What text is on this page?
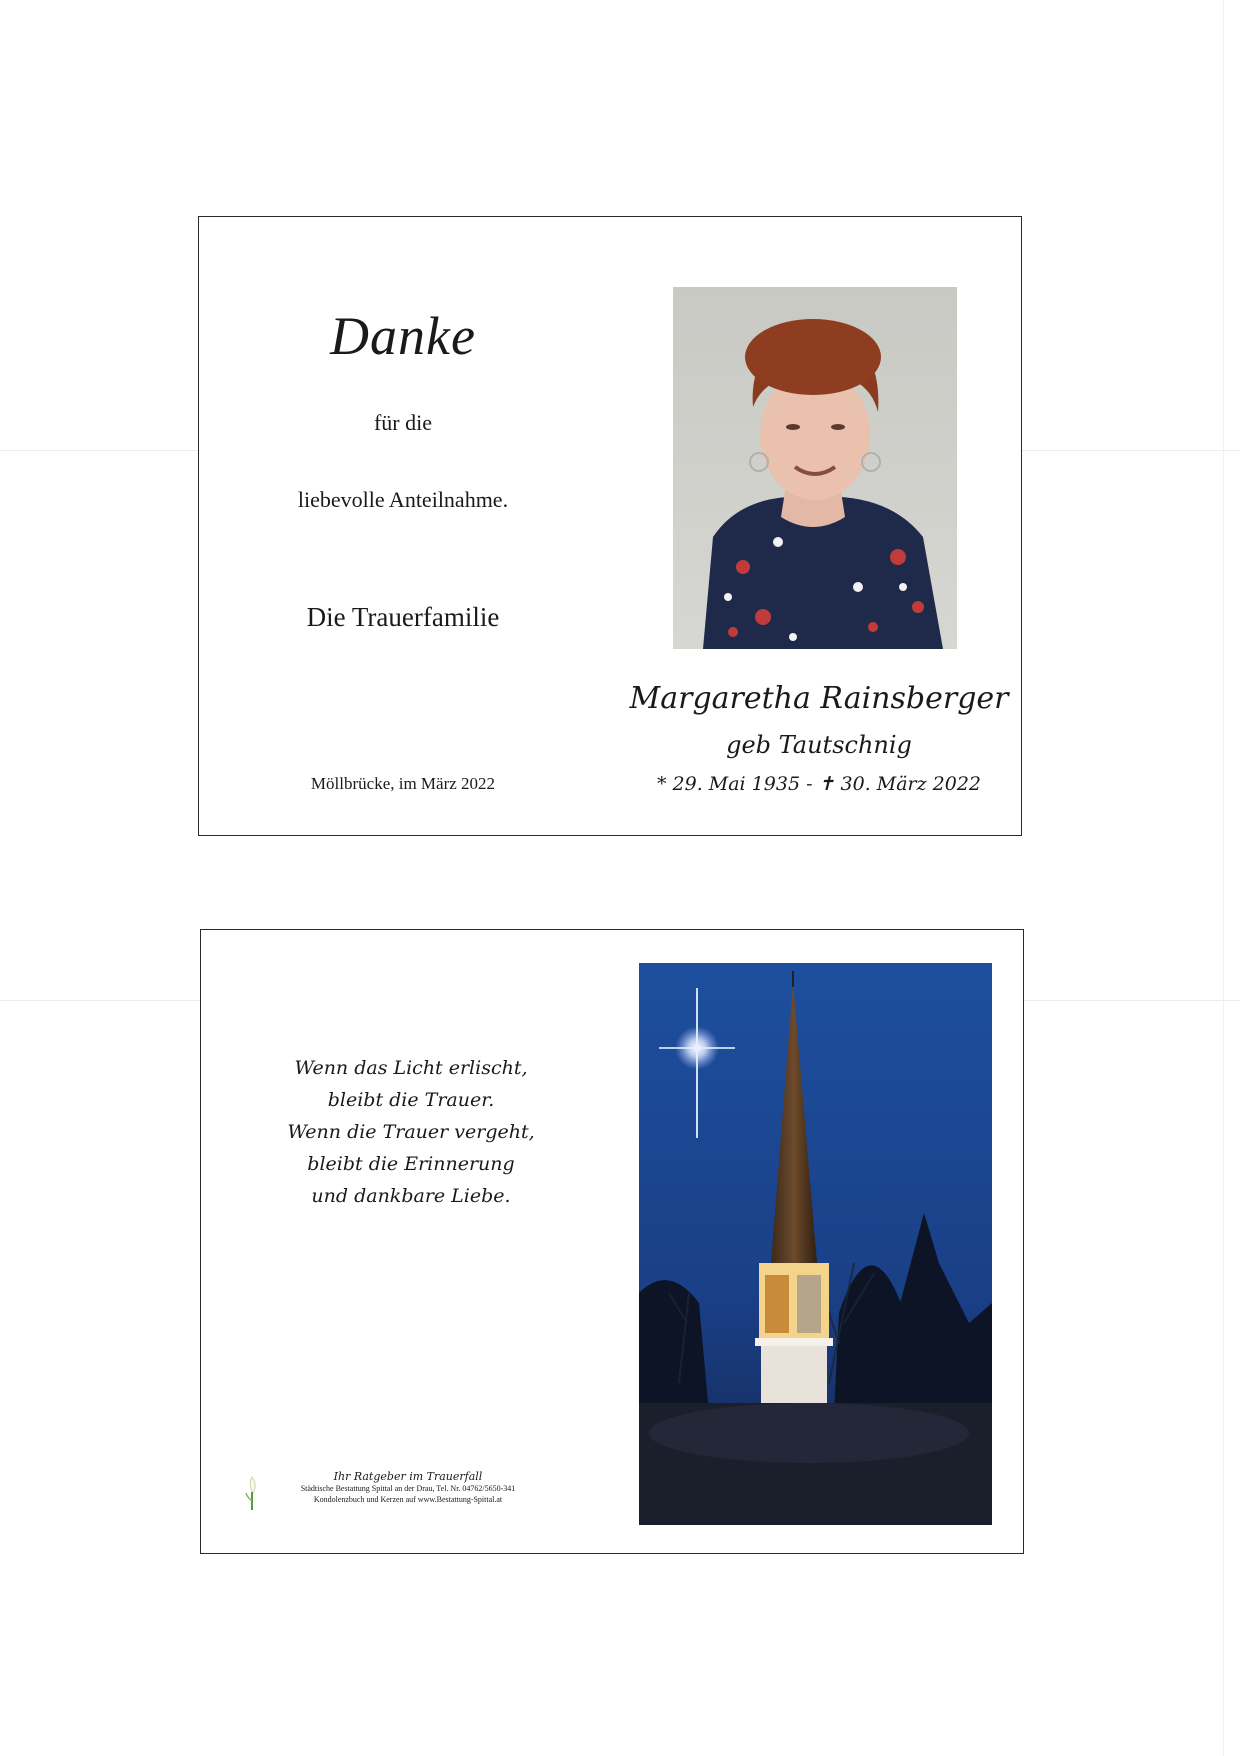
Danke
für die
liebevolle Anteilnahme.
Die Trauerfamilie
Möllbrücke, im März 2022
Margaretha Rainsberger
geb Tautschnig
* 29. Mai 1935 - ✝ 30. März 2022
Wenn das Licht erlischt,
bleibt die Trauer.
Wenn die Trauer vergeht,
bleibt die Erinnerung
und dankbare Liebe.
Ihr Ratgeber im Trauerfall
Städtische Bestattung Spittal an der Drau, Tel. Nr. 04762/5650-341
Kondolenzbuch und Kerzen auf www.Bestattung-Spittal.at
